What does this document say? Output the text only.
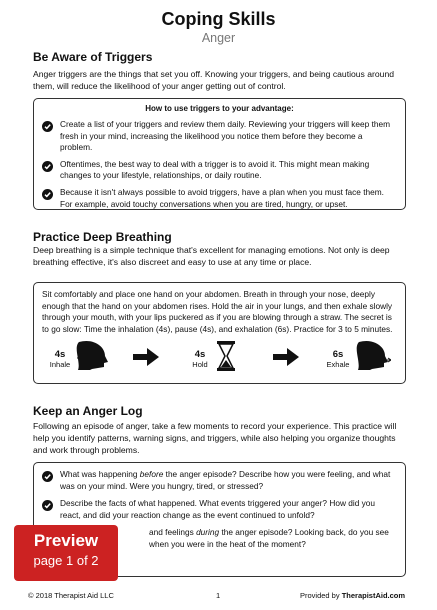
Coping Skills
Anger
Be Aware of Triggers
Anger triggers are the things that set you off. Knowing your triggers, and being cautious around them, will reduce the likelihood of your anger getting out of control.
How to use triggers to your advantage:
Create a list of your triggers and review them daily. Reviewing your triggers will keep them fresh in your mind, increasing the likelihood you notice them before they become a problem.
Oftentimes, the best way to deal with a trigger is to avoid it. This might mean making changes to your lifestyle, relationships, or daily routine.
Because it isn't always possible to avoid triggers, have a plan when you must face them. For example, avoid touchy conversations when you are tired, hungry, or upset.
Practice Deep Breathing
Deep breathing is a simple technique that's excellent for managing emotions. Not only is deep breathing effective, it's also discreet and easy to use at any time or place.
Sit comfortably and place one hand on your abdomen. Breath in through your nose, deeply enough that the hand on your abdomen rises. Hold the air in your lungs, and then exhale slowly through your mouth, with your lips puckered as if you are blowing through a straw. The secret is to go slow: Time the inhalation (4s), pause (4s), and exhalation (6s). Practice for 3 to 5 minutes.
4s
Inhale
4s
Hold
6s
Exhale
Keep an Anger Log
Following an episode of anger, take a few moments to record your experience. This practice will help you identify patterns, warning signs, and triggers, while also helping you organize thoughts and work through problems.
What was happening before the anger episode? Describe how you were feeling, and what was on your mind. Were you hungry, tired, or stressed?
Describe the facts of what happened. What events triggered your anger? How did you react, and did your reaction change as the event continued to unfold?
and feelings during the anger episode? Looking back, do you see when you were in the heat of the moment?
Preview
page 1 of 2
© 2018 Therapist Aid LLC	1	Provided by TherapistAid.com
